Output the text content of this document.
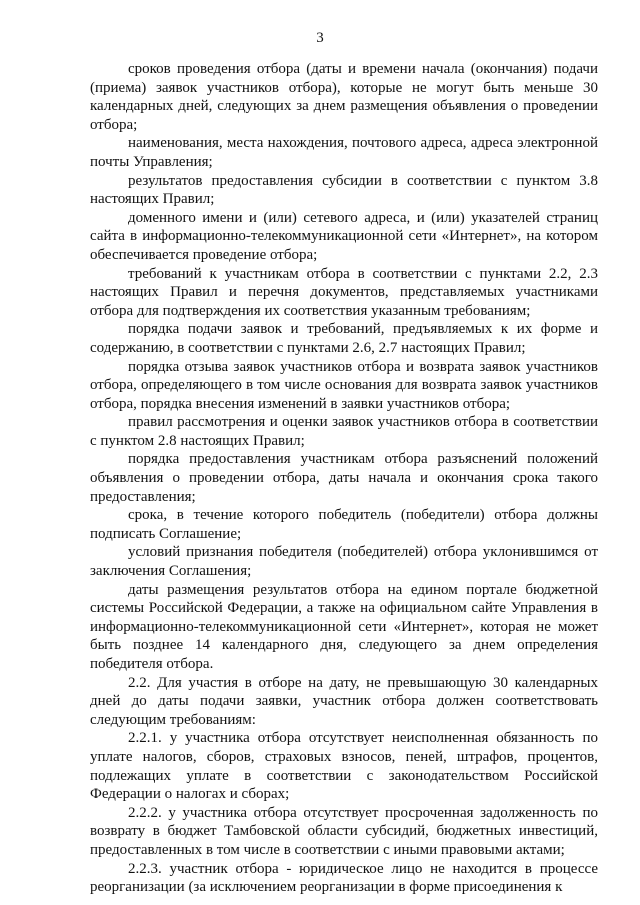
3

сроков проведения отбора (даты и времени начала (окончания) подачи (приема) заявок участников отбора), которые не могут быть меньше 30 календарных дней, следующих за днем размещения объявления о проведении отбора;

наименования, места нахождения, почтового адреса, адреса электронной почты Управления;

результатов предоставления субсидии в соответствии с пунктом 3.8 настоящих Правил;

доменного имени и (или) сетевого адреса, и (или) указателей страниц сайта в информационно-телекоммуникационной сети «Интернет», на котором обеспечивается проведение отбора;

требований к участникам отбора в соответствии с пунктами 2.2, 2.3 настоящих Правил и перечня документов, представляемых участниками отбора для подтверждения их соответствия указанным требованиям;

порядка подачи заявок и требований, предъявляемых к их форме и содержанию, в соответствии с пунктами 2.6, 2.7 настоящих Правил;

порядка отзыва заявок участников отбора и возврата заявок участников отбора, определяющего в том числе основания для возврата заявок участников отбора, порядка внесения изменений в заявки участников отбора;

правил рассмотрения и оценки заявок участников отбора в соответствии с пунктом 2.8 настоящих Правил;

порядка предоставления участникам отбора разъяснений положений объявления о проведении отбора, даты начала и окончания срока такого предоставления;

срока, в течение которого победитель (победители) отбора должны подписать Соглашение;

условий признания победителя (победителей) отбора уклонившимся от заключения Соглашения;

даты размещения результатов отбора на едином портале бюджетной системы Российской Федерации, а также на официальном сайте Управления в информационно-телекоммуникационной сети «Интернет», которая не может быть позднее 14 календарного дня, следующего за днем определения победителя отбора.

2.2. Для участия в отборе на дату, не превышающую 30 календарных дней до даты подачи заявки, участник отбора должен соответствовать следующим требованиям:

2.2.1. у участника отбора отсутствует неисполненная обязанность по уплате налогов, сборов, страховых взносов, пеней, штрафов, процентов, подлежащих уплате в соответствии с законодательством Российской Федерации о налогах и сборах;

2.2.2. у участника отбора отсутствует просроченная задолженность по возврату в бюджет Тамбовской области субсидий, бюджетных инвестиций, предоставленных в том числе в соответствии с иными правовыми актами;

2.2.3. участник отбора - юридическое лицо не находится в процессе реорганизации (за исключением реорганизации в форме присоединения к
